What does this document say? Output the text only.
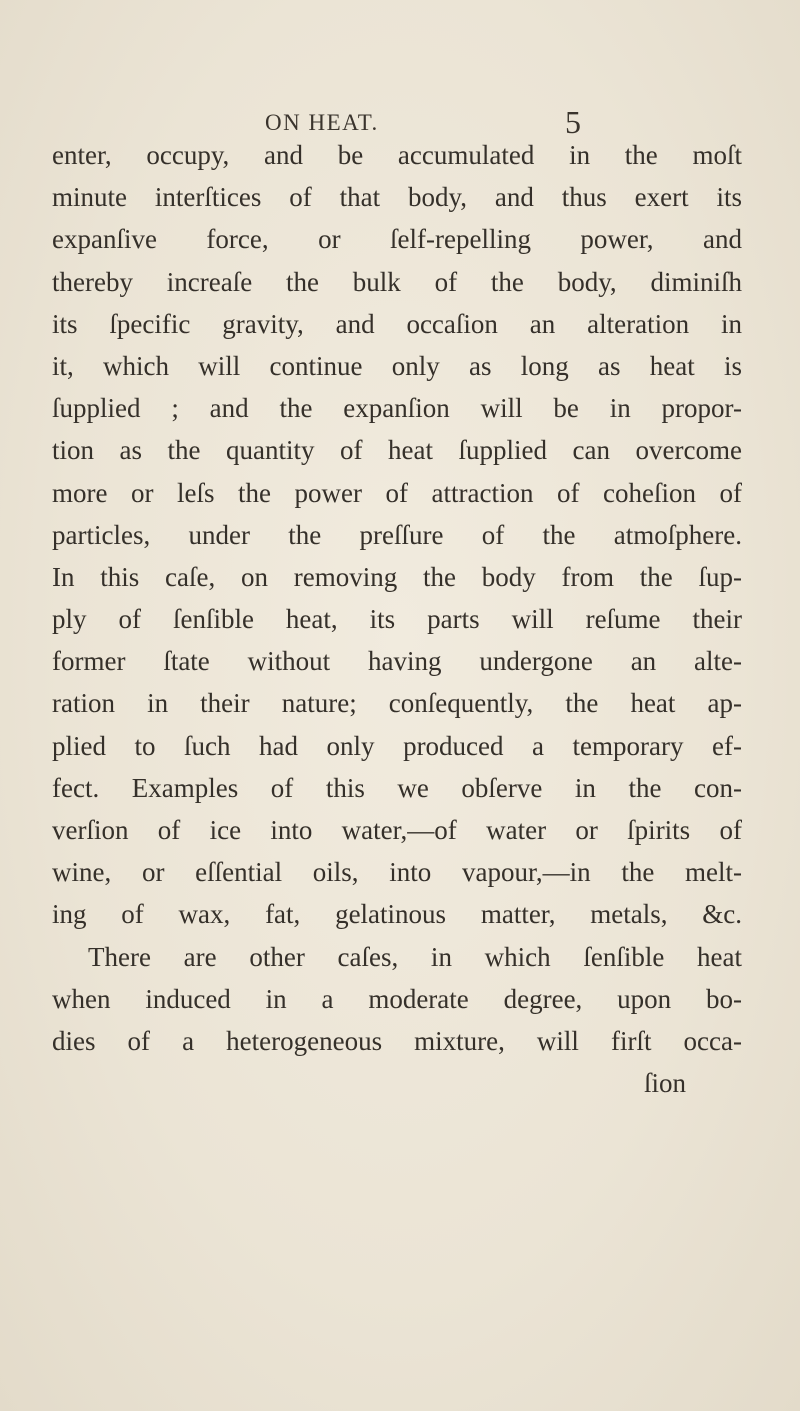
ON HEAT.	5
enter, occupy, and be accumulated in the moſt
minute interſtices of that body, and thus exert its
expanſive force, or ſelf-repelling power, and
thereby increaſe the bulk of the body, diminiſh
its ſpecific gravity, and occaſion an alteration in
it, which will continue only as long as heat is
ſupplied ; and the expanſion will be in propor-
tion as the quantity of heat ſupplied can overcome
more or leſs the power of attraction of coheſion of
particles, under the preſſure of the atmoſphere.
In this caſe, on removing the body from the ſup-
ply of ſenſible heat, its parts will reſume their
former ſtate without having undergone an alte-
ration in their nature; conſequently, the heat ap-
plied to ſuch had only produced a temporary ef-
fect. Examples of this we obſerve in the con-
verſion of ice into water,—of water or ſpirits of
wine, or eſſential oils, into vapour,—in the melt-
ing of wax, fat, gelatinous matter, metals, &c.
There are other caſes, in which ſenſible heat
when induced in a moderate degree, upon bo-
dies of a heterogeneous mixture, will firſt occa-
ſion
